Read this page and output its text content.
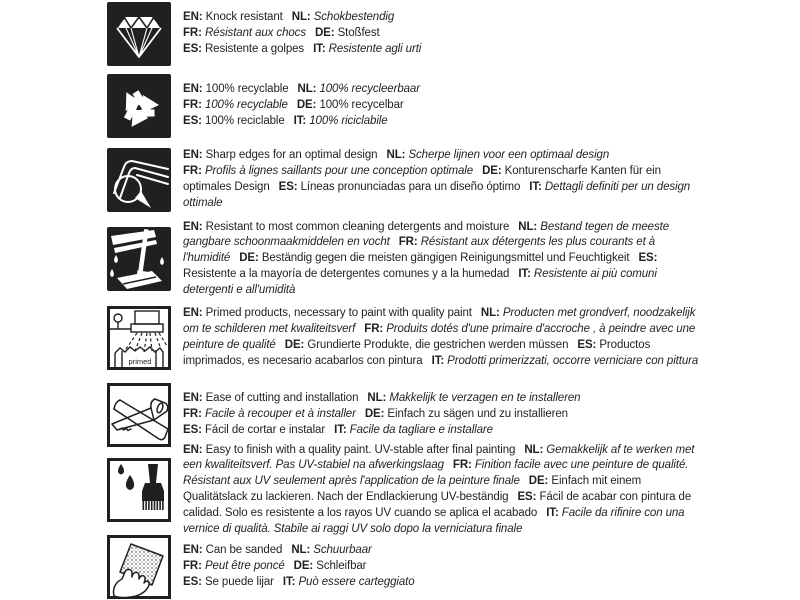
EN: Knock resistant NL: Schokbestendig
FR: Résistant aux chocs DE: Stoßfest
ES: Resistente a golpes IT: Resistente agli urti
EN: 100% recyclable NL: 100% recycleerbaar
FR: 100% recyclable DE: 100% recycelbar
ES: 100% reciclable IT: 100% riciclabile
EN: Sharp edges for an optimal design NL: Scherpe lijnen voor een optimaal design
FR: Profils à lignes saillants pour une conception optimale DE: Konturenscharfe Kanten für ein optimales Design ES: Líneas pronunciadas para un diseño óptimo IT: Dettagli definiti per un design ottimale
EN: Resistant to most common cleaning detergents and moisture NL: Bestand tegen de meeste gangbare schoonmaakmiddelen en vocht FR: Résistant aux détergents les plus courants et à l'humidité DE: Beständig gegen die meisten gängigen Reinigungsmittel und Feuchtigkeit ES: Resistente a la mayoría de detergentes comunes y a la humedad IT: Resistente ai più comuni detergenti e all'umidità
primed
EN: Primed products, necessary to paint with quality paint NL: Producten met grondverf, noodzakelijk om te schilderen met kwaliteitsverf FR: Produits dotés d'une primaire d'accroche , à peindre avec une peinture de qualité DE: Grundierte Produkte, die gestrichen werden müssen ES: Productos imprimados, es necesario acabarlos con pintura IT: Prodotti primerizzati, occorre verniciare con pittura
EN: Ease of cutting and installation NL: Makkelijk te verzagen en te installeren
FR: Facile à recouper et à installer DE: Einfach zu sägen und zu installieren
ES: Fácil de cortar e instalar IT: Facile da tagliare e installare
EN: Easy to finish with a quality paint. UV-stable after final painting NL: Gemakkelijk af te werken met een kwaliteitsverf. Pas UV-stabiel na afwerkingslaag FR: Finition facile avec une peinture de qualité. Résistant aux UV seulement après l'application de la peinture finale DE: Einfach mit einem Qualitätslack zu lackieren. Nach der Endlackierung UV-beständig ES: Fácil de acabar con pintura de calidad. Solo es resistente a los rayos UV cuando se aplica el acabado IT: Facile da rifinire con una vernice di qualità. Stabile ai raggi UV solo dopo la verniciatura finale
EN: Can be sanded NL: Schuurbaar
FR: Peut être poncé DE: Schleifbar
ES: Se puede lijar IT: Può essere carteggiato
